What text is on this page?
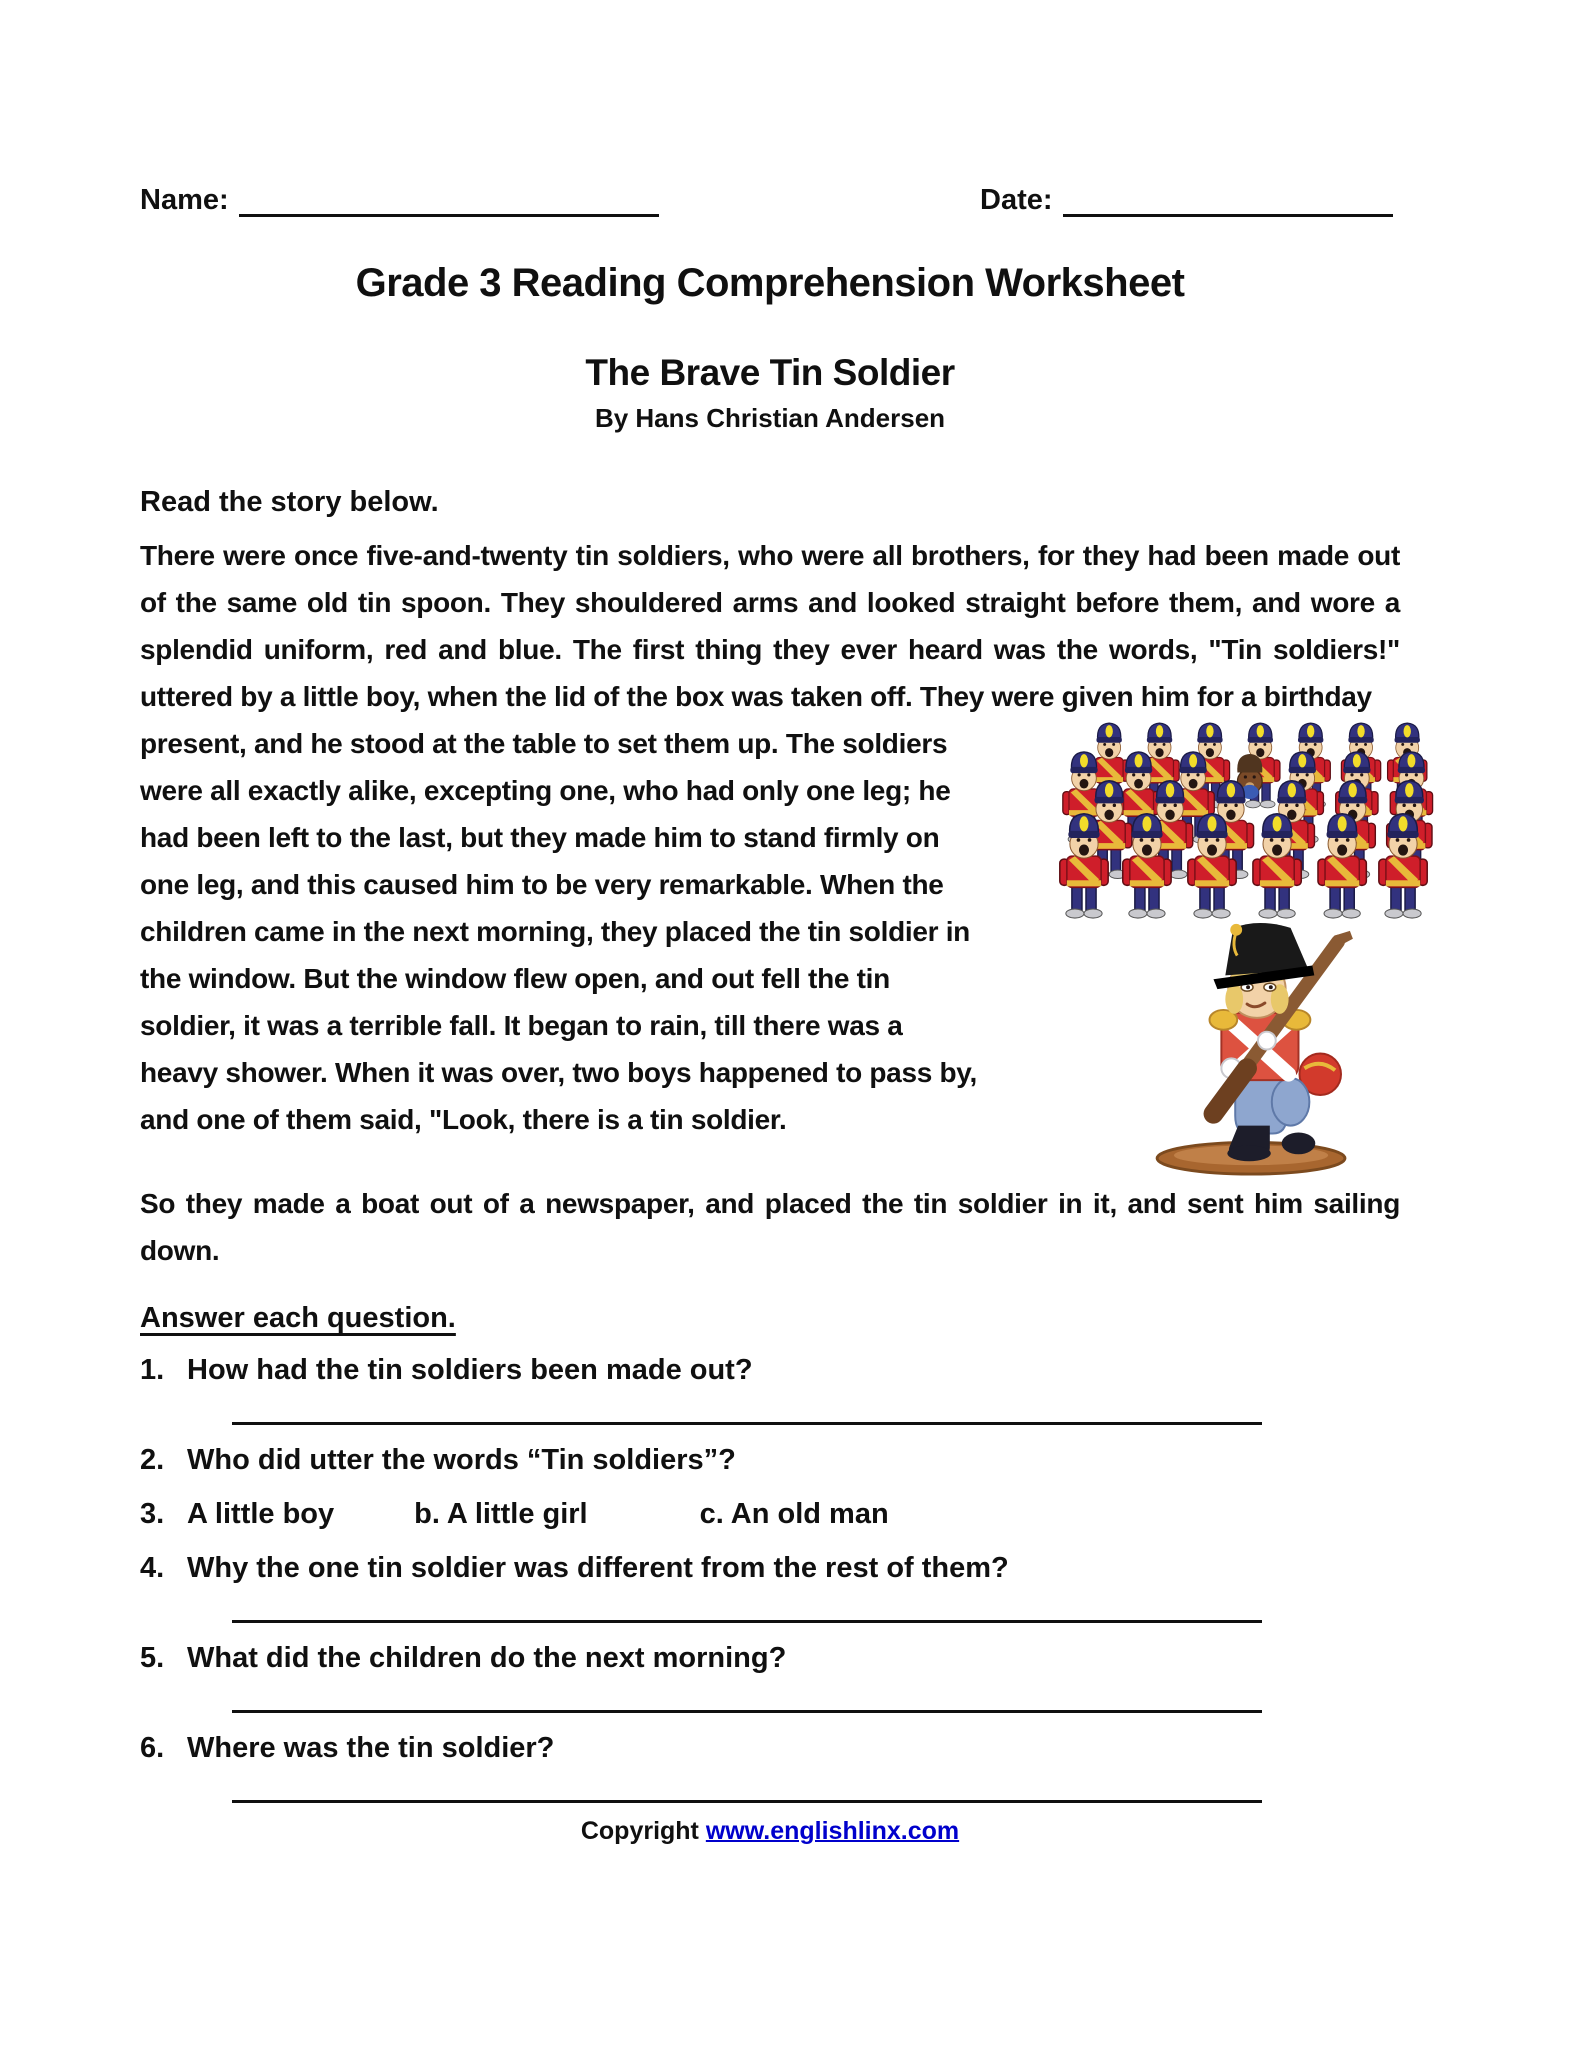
Name:	Date:
Grade 3 Reading Comprehension Worksheet
The Brave Tin Soldier
By Hans Christian Andersen
Read the story below.

There were once five-and-twenty tin soldiers, who were all brothers, for they had been made out of the same old tin spoon. They shouldered arms and looked straight before them, and wore a splendid uniform, red and blue. The first thing they ever heard was the words, "Tin soldiers!" uttered by a little boy, when the lid of the box was taken off. They were given him for a birthday

present, and he stood at the table to set them up. The soldiers were all exactly alike, excepting one, who had only one leg; he had been left to the last, but they made him to stand firmly on one leg, and this caused him to be very remarkable. When the children came in the next morning, they placed the tin soldier in the window. But the window flew open, and out fell the tin soldier, it was a terrible fall. It began to rain, till there was a heavy shower. When it was over, two boys happened to pass by, and one of them said, "Look, there is a tin soldier.

So they made a boat out of a newspaper, and placed the tin soldier in it, and sent him sailing down.

Answer each question.
1. How had the tin soldiers been made out?
2. Who did utter the words “Tin soldiers”?
3. A little boy	b. A little girl	c. An old man
4. Why the one tin soldier was different from the rest of them?
5. What did the children do the next morning?
6. Where was the tin soldier?
Copyright www.englishlinx.com
